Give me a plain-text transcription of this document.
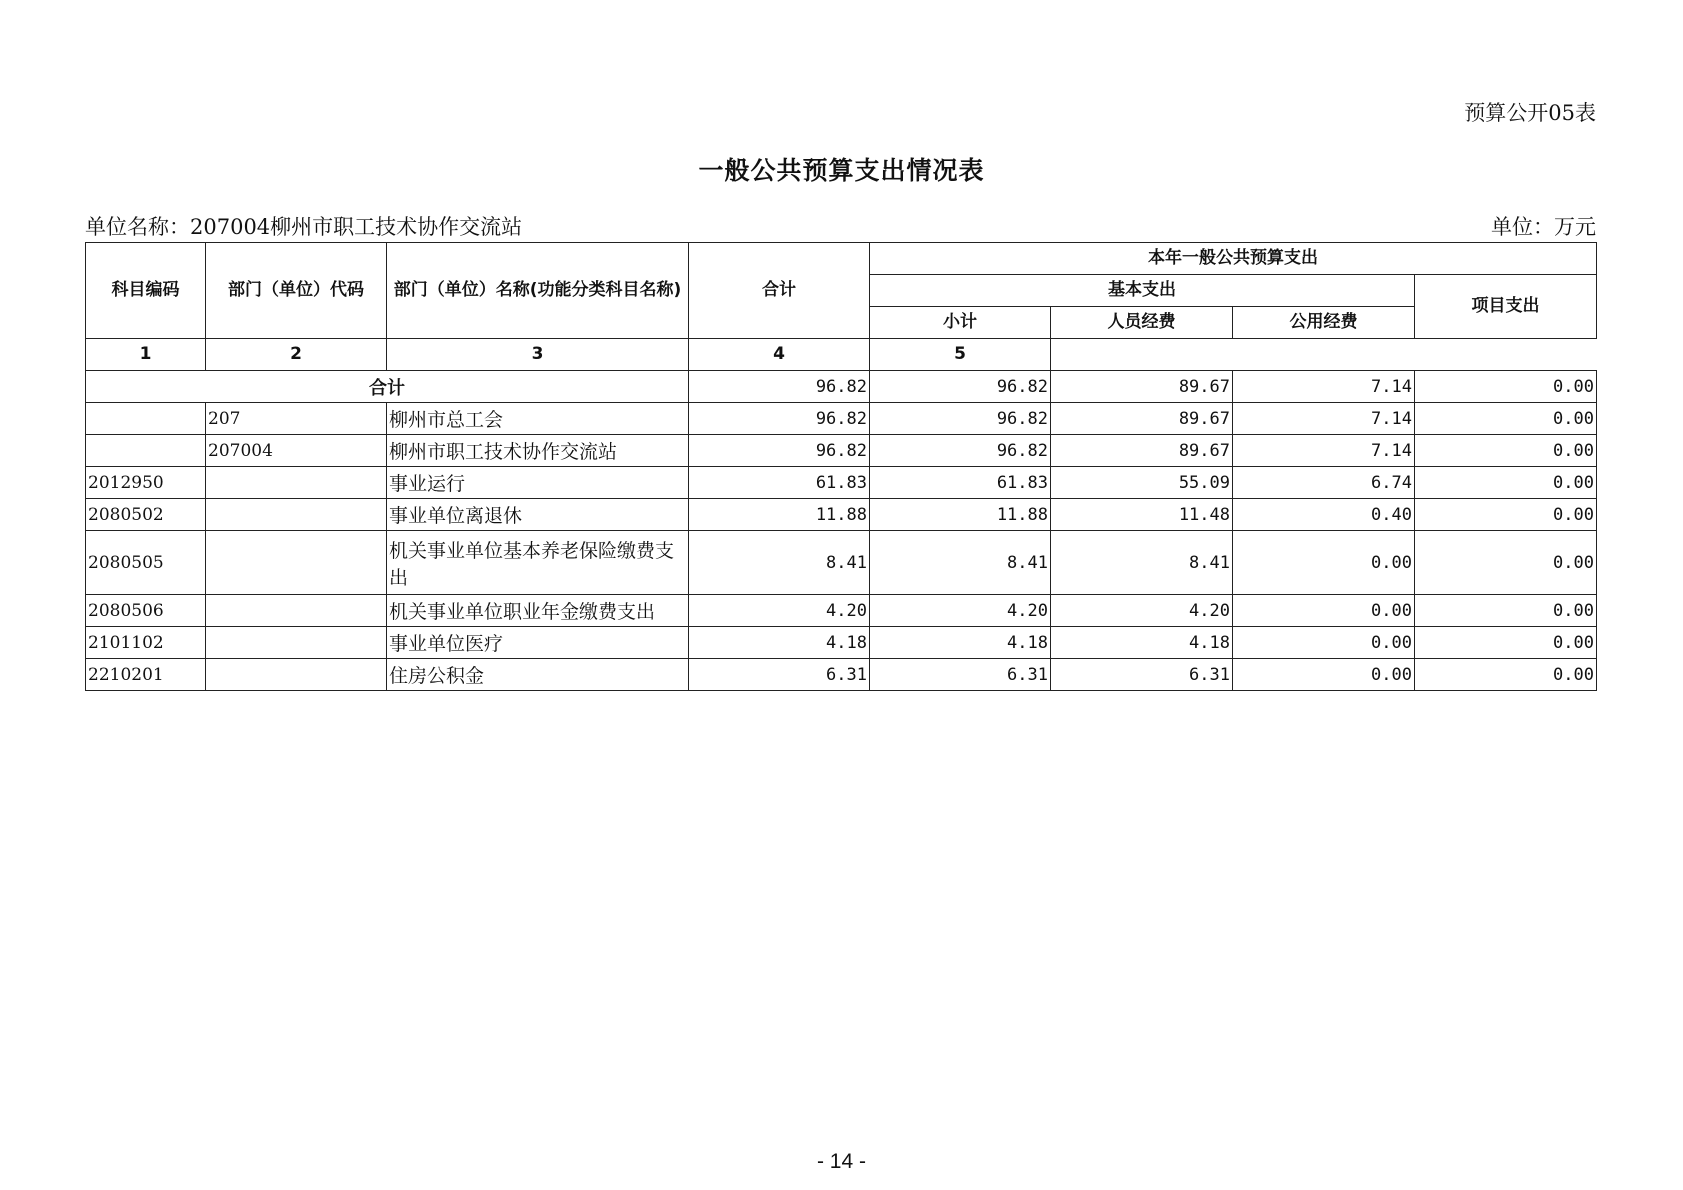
预算公开05表
一般公共预算支出情况表
单位名称：207004柳州市职工技术协作交流站	单位：万元
科目编码	部门（单位）代码	部门（单位）名称(功能分类科目名称)	合计	本年一般公共预算支出			
				基本支出			项目支出
				小计	人员经费	公用经费	
1	2	3	4	5			
合计			96.82	96.82	89.67	7.14	0.00
	207	柳州市总工会	96.82	96.82	89.67	7.14	0.00
	207004	柳州市职工技术协作交流站	96.82	96.82	89.67	7.14	0.00
2012950		事业运行	61.83	61.83	55.09	6.74	0.00
2080502		事业单位离退休	11.88	11.88	11.48	0.40	0.00
2080505		机关事业单位基本养老保险缴费支出	8.41	8.41	8.41	0.00	0.00
2080506		机关事业单位职业年金缴费支出	4.20	4.20	4.20	0.00	0.00
2101102		事业单位医疗	4.18	4.18	4.18	0.00	0.00
2210201		住房公积金	6.31	6.31	6.31	0.00	0.00
- 14 -
